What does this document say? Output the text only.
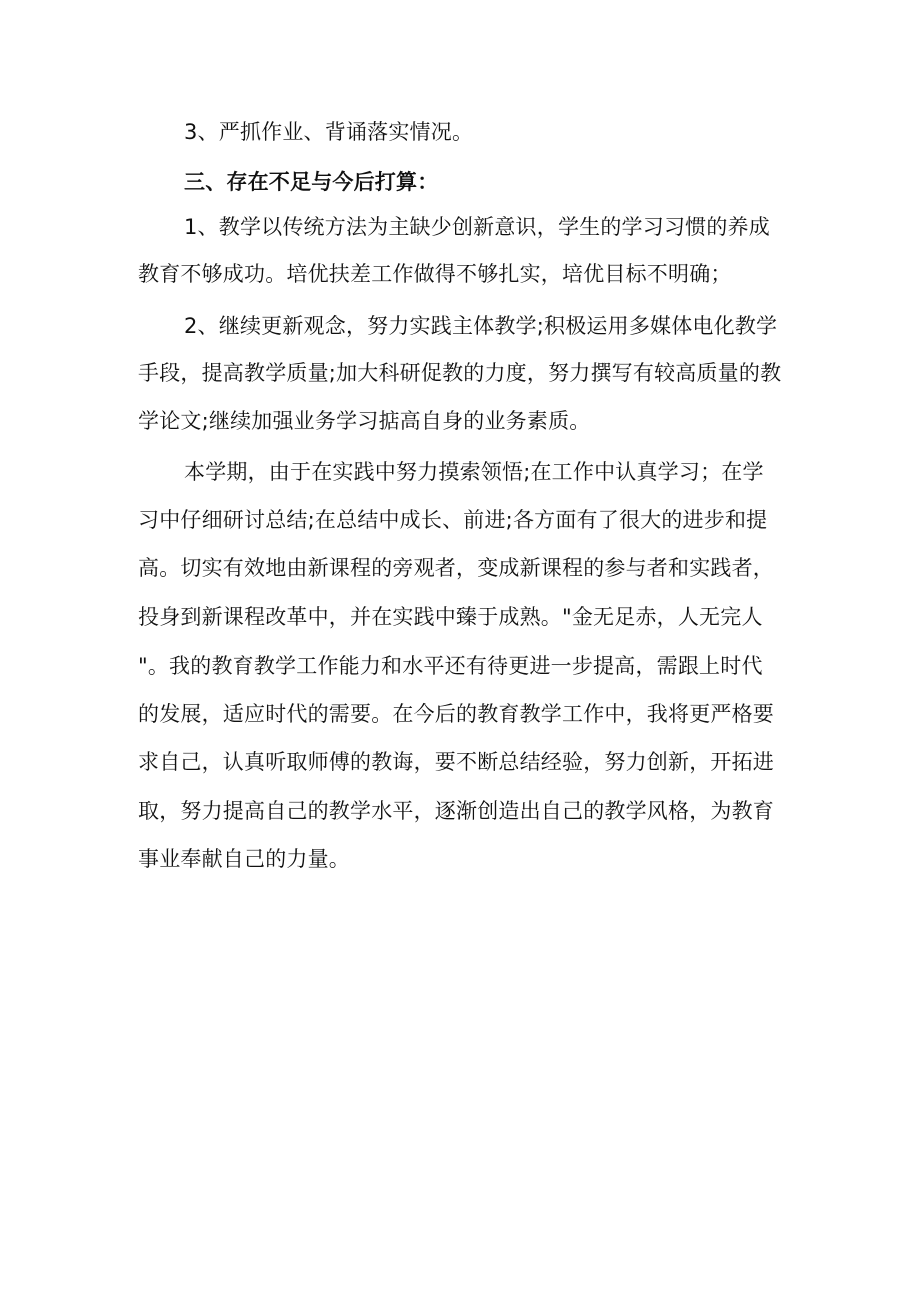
3、严抓作业、背诵落实情况。
三、存在不足与今后打算：
1、教学以传统方法为主缺少创新意识，学生的学习习惯的养成
教育不够成功。培优扶差工作做得不够扎实，培优目标不明确；
2、继续更新观念，努力实践主体教学;积极运用多媒体电化教学
手段，提高教学质量;加大科研促教的力度，努力撰写有较高质量的教
学论文;继续加强业务学习掂高自身的业务素质。
本学期，由于在实践中努力摸索领悟;在工作中认真学习；在学
习中仔细研讨总结;在总结中成长、前进;各方面有了很大的进步和提
高。切实有效地由新课程的旁观者，变成新课程的参与者和实践者，
投身到新课程改革中，并在实践中臻于成熟。"金无足赤，人无完人
"。我的教育教学工作能力和水平还有待更进一步提高，需跟上时代
的发展，适应时代的需要。在今后的教育教学工作中，我将更严格要
求自己，认真听取师傅的教诲，要不断总结经验，努力创新，开拓进
取，努力提高自己的教学水平，逐渐创造出自己的教学风格，为教育
事业奉献自己的力量。
